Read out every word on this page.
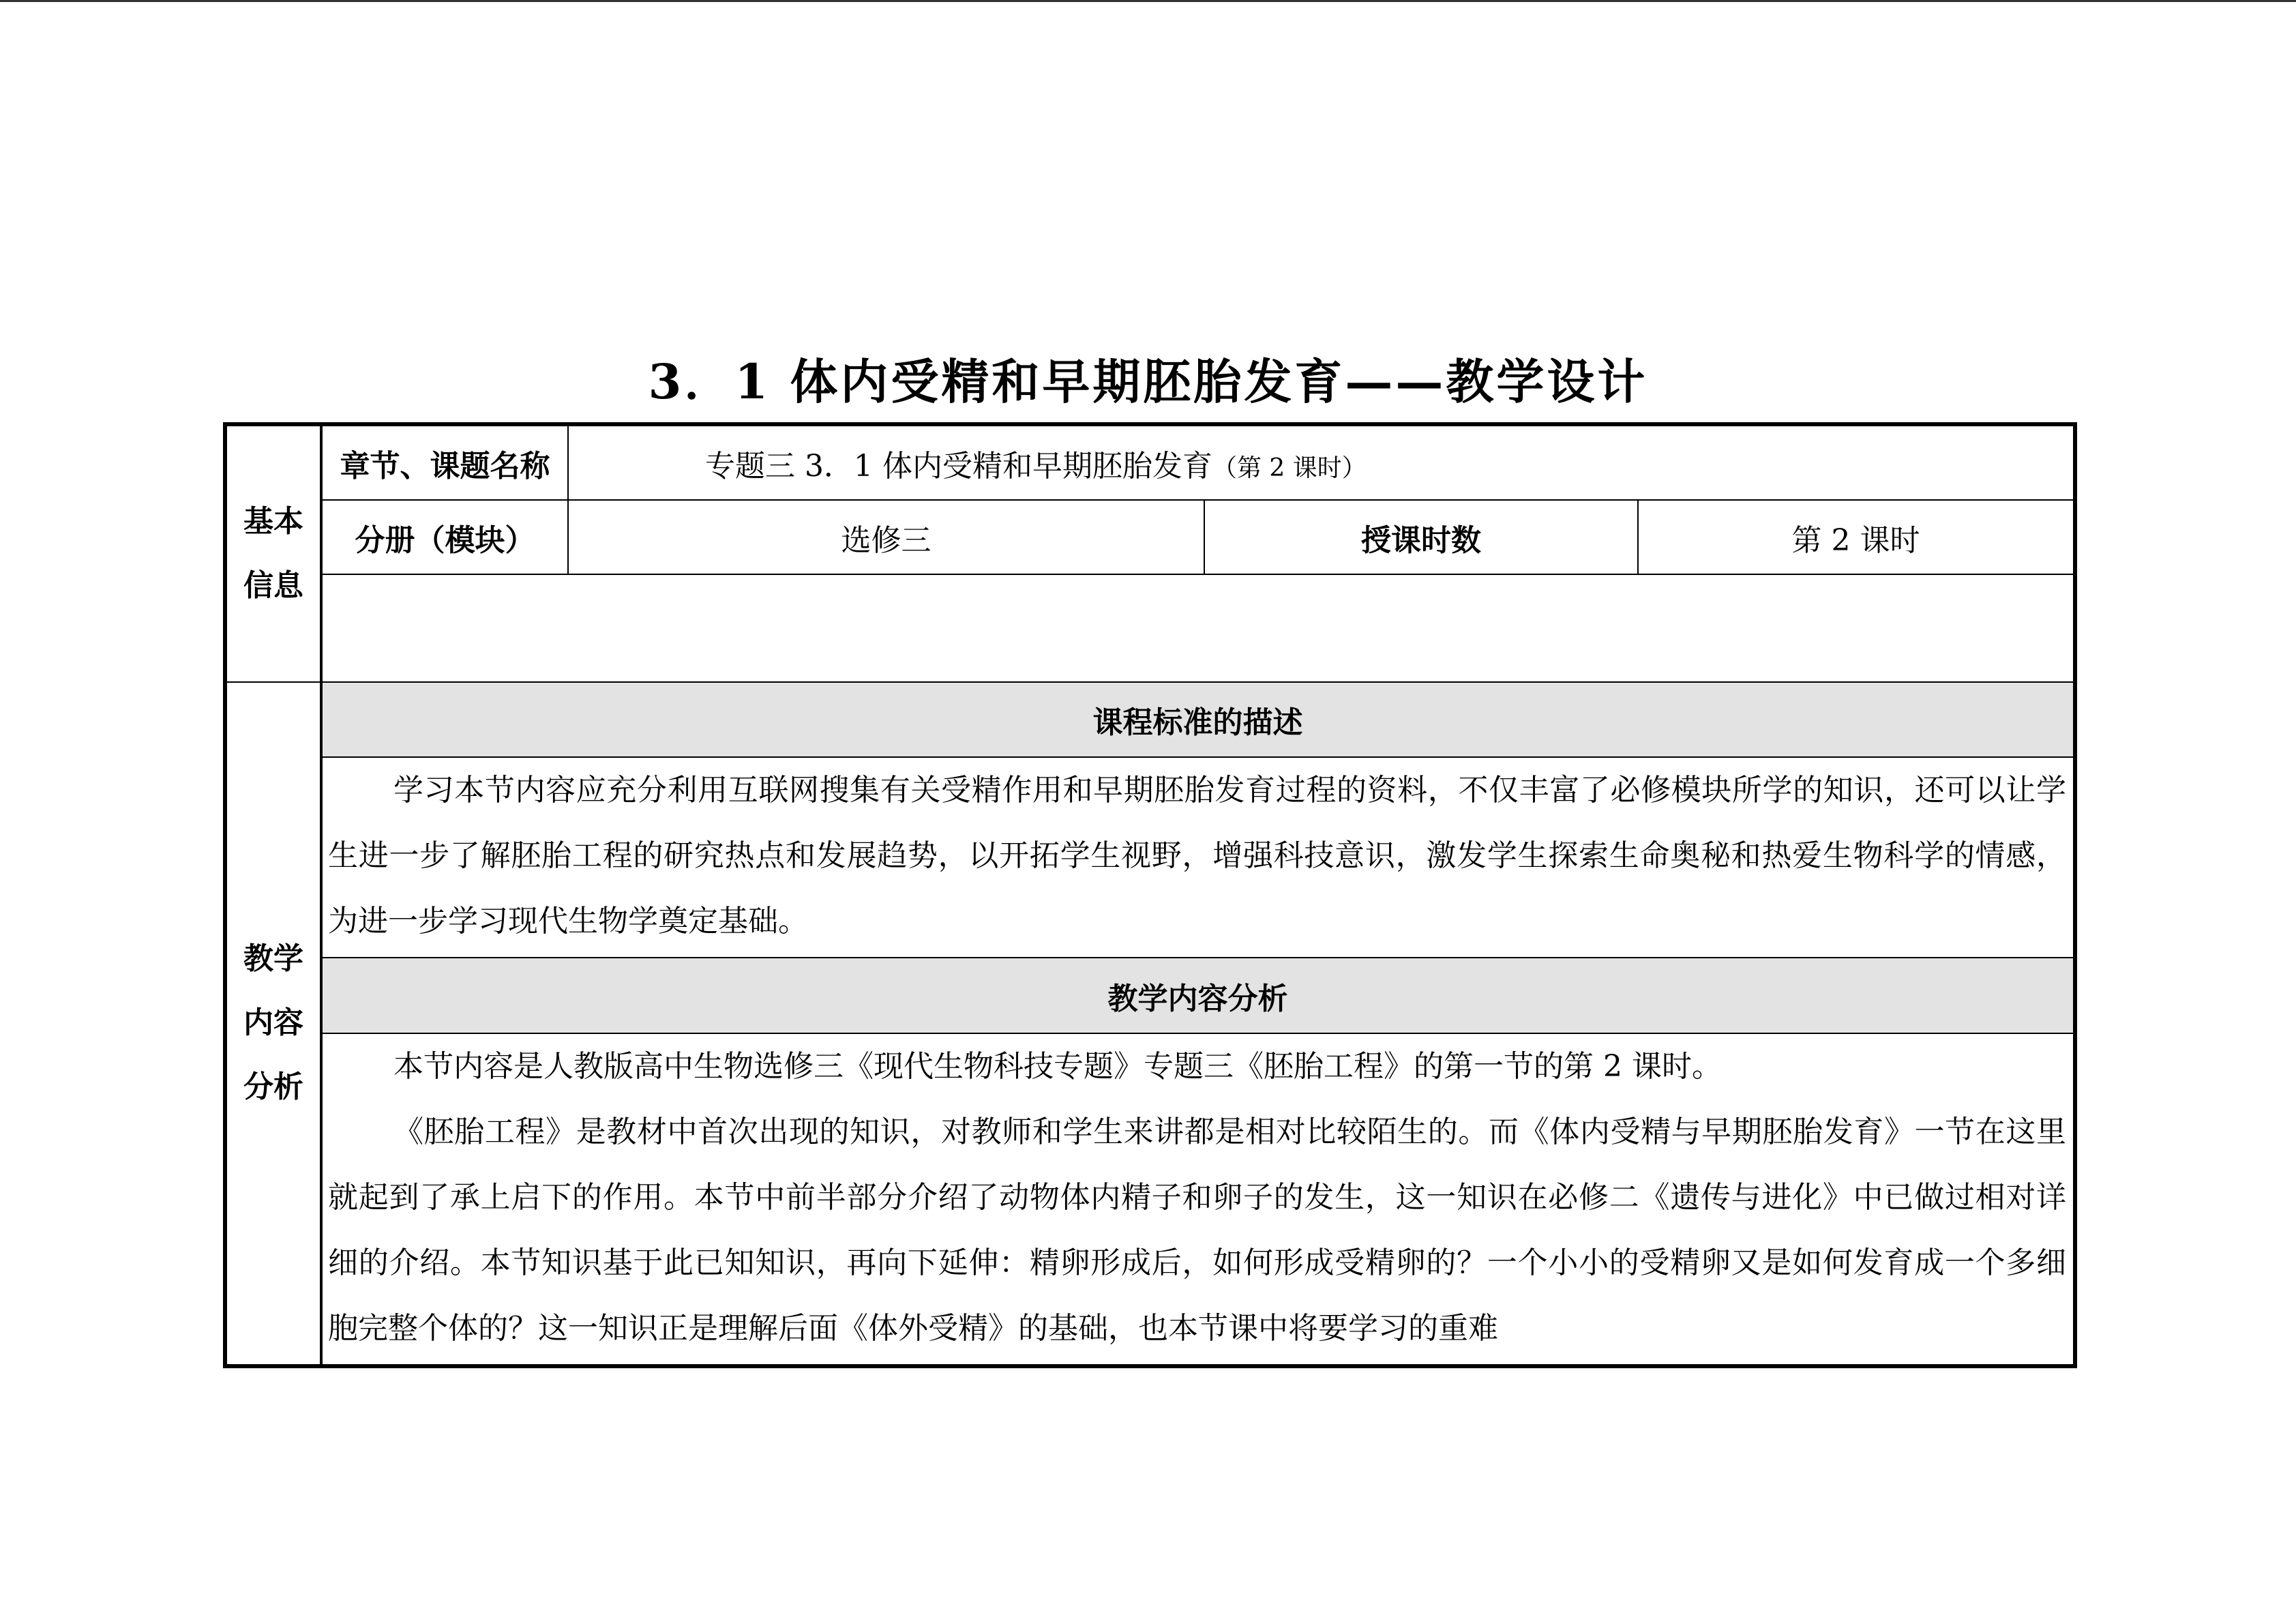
3．1 体内受精和早期胚胎发育——教学设计
基本信息	章节、课题名称	专题三 3．1 体内受精和早期胚胎发育（第 2 课时）		
	分册（模块）	选修三	授课时数	第 2 课时

教学内容分析	课程标准的描述			

	学习本节内容应充分利用互联网搜集有关受精作用和早期胚胎发育过程的资料，不仅丰富了必修模块所学的知识，还可以让学生进一步了解胚胎工程的研究热点和发展趋势，以开拓学生视野，增强科技意识，激发学生探索生命奥秘和热爱生物科学的情感，为进一步学习现代生物学奠定基础。			

	教学内容分析			

	本节内容是人教版高中生物选修三《现代生物科技专题》专题三《胚胎工程》的第一节的第 2 课时。

《胚胎工程》是教材中首次出现的知识，对教师和学生来讲都是相对比较陌生的。而《体内受精与早期胚胎发育》一节在这里就起到了承上启下的作用。本节中前半部分介绍了动物体内精子和卵子的发生，这一知识在必修二《遗传与进化》中已做过相对详细的介绍。本节知识基于此已知知识，再向下延伸：精卵形成后，如何形成受精卵的？一个小小的受精卵又是如何发育成一个多细胞完整个体的？这一知识正是理解后面《体外受精》的基础，也本节课中将要学习的重难			
